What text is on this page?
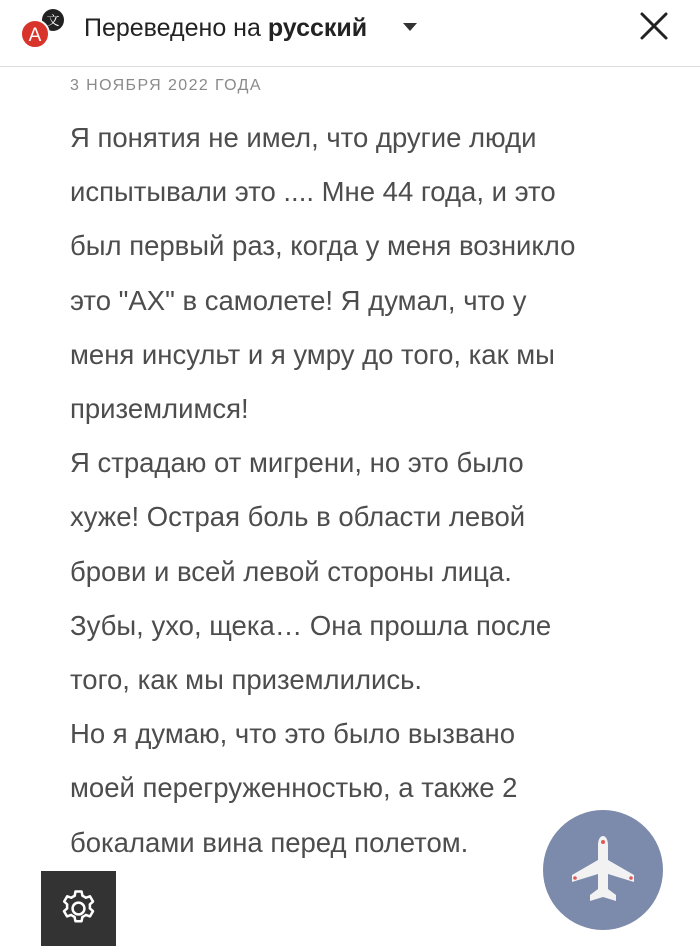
文
A Переведено на русский
3 НОЯБРЯ 2022 ГОДА

Я понятия не имел, что другие люди

испытывали это .... Мне 44 года, и это

был первый раз, когда у меня возникло

это "АХ" в самолете! Я думал, что у

меня инсульт и я умру до того, как мы

приземлимся!

Я страдаю от мигрени, но это было

хуже! Острая боль в области левой

брови и всей левой стороны лица.

Зубы, ухо, щека… Она прошла после

того, как мы приземлились.

Но я думаю, что это было вызвано

моей перегруженностью, а также 2

бокалами вина перед полетом.
